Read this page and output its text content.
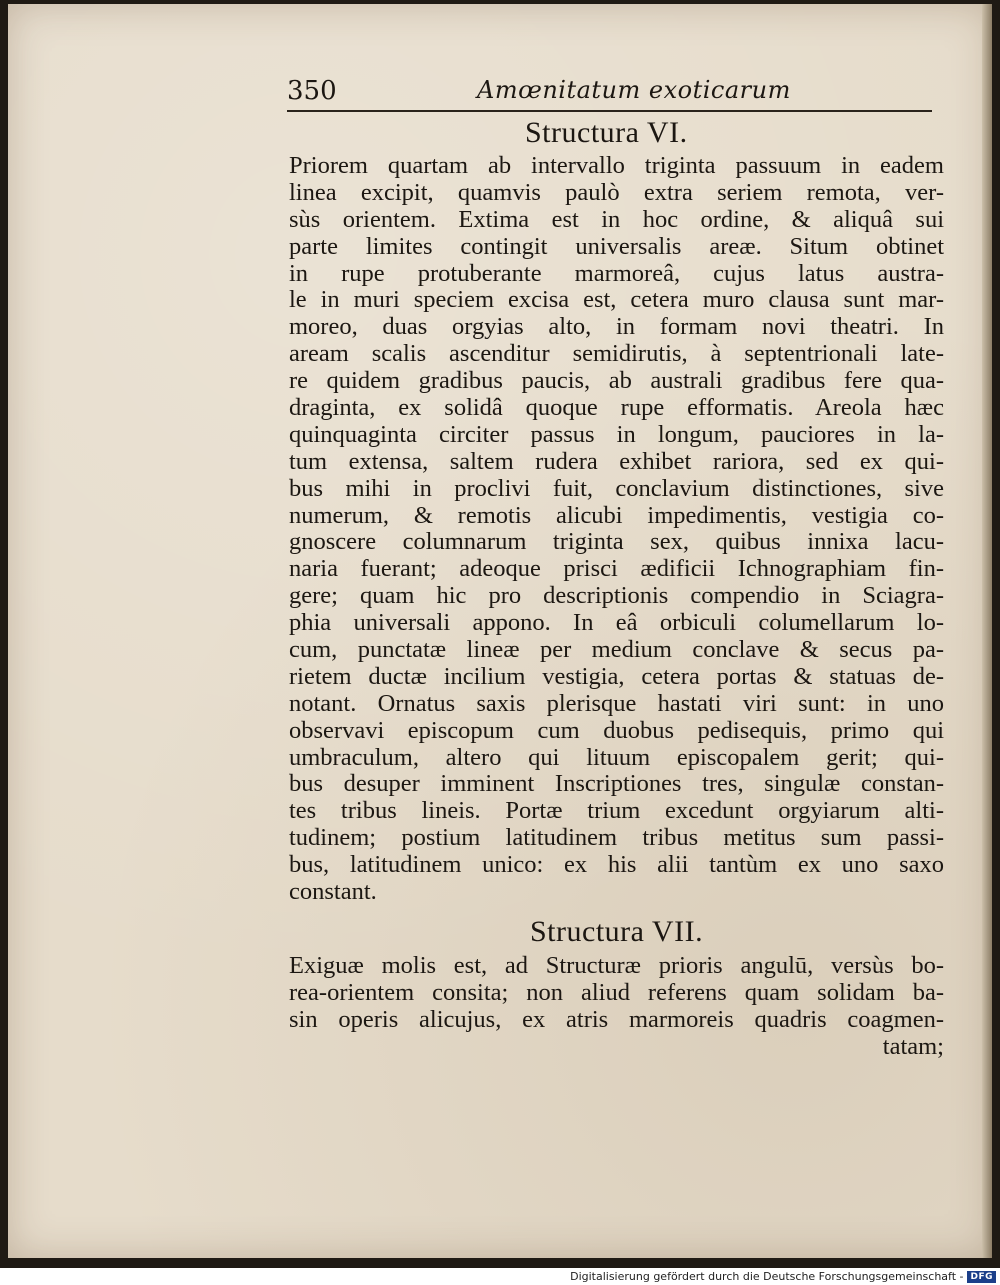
350	Amœnitatum exoticarum
Structura VI.
Priorem quartam ab intervallo triginta passuum in eadem
linea excipit, quamvis paulò extra seriem remota, ver-
sùs orientem. Extima est in hoc ordine, & aliquâ sui
parte limites contingit universalis areæ. Situm obtinet
in rupe protuberante marmoreâ, cujus latus austra-
le in muri speciem excisa est, cetera muro clausa sunt mar-
moreo, duas orgyias alto, in formam novi theatri. In
aream scalis ascenditur semidirutis, à septentrionali late-
re quidem gradibus paucis, ab australi gradibus fere qua-
draginta, ex solidâ quoque rupe efformatis. Areola hæc
quinquaginta circiter passus in longum, pauciores in la-
tum extensa, saltem rudera exhibet rariora, sed ex qui-
bus mihi in proclivi fuit, conclavium distinctiones, sive
numerum, & remotis alicubi impedimentis, vestigia co-
gnoscere columnarum triginta sex, quibus innixa lacu-
naria fuerant; adeoque prisci ædificii Ichnographiam fin-
gere; quam hic pro descriptionis compendio in Sciagra-
phia universali appono. In eâ orbiculi columellarum lo-
cum, punctatæ lineæ per medium conclave & secus pa-
rietem ductæ incilium vestigia, cetera portas & statuas de-
notant. Ornatus saxis plerisque hastati viri sunt: in uno
observavi episcopum cum duobus pedisequis, primo qui
umbraculum, altero qui lituum episcopalem gerit; qui-
bus desuper imminent Inscriptiones tres, singulæ constan-
tes tribus lineis. Portæ trium excedunt orgyiarum alti-
tudinem; postium latitudinem tribus metitus sum passi-
bus, latitudinem unico: ex his alii tantùm ex uno saxo
constant.
Structura VII.
Exiguæ molis est, ad Structuræ prioris angulū, versùs bo-
rea-orientem consita; non aliud referens quam solidam ba-
sin operis alicujus, ex atris marmoreis quadris coagmen-
tatam;
Digitalisierung gefördert durch die Deutsche Forschungsgemeinschaft - DFG
